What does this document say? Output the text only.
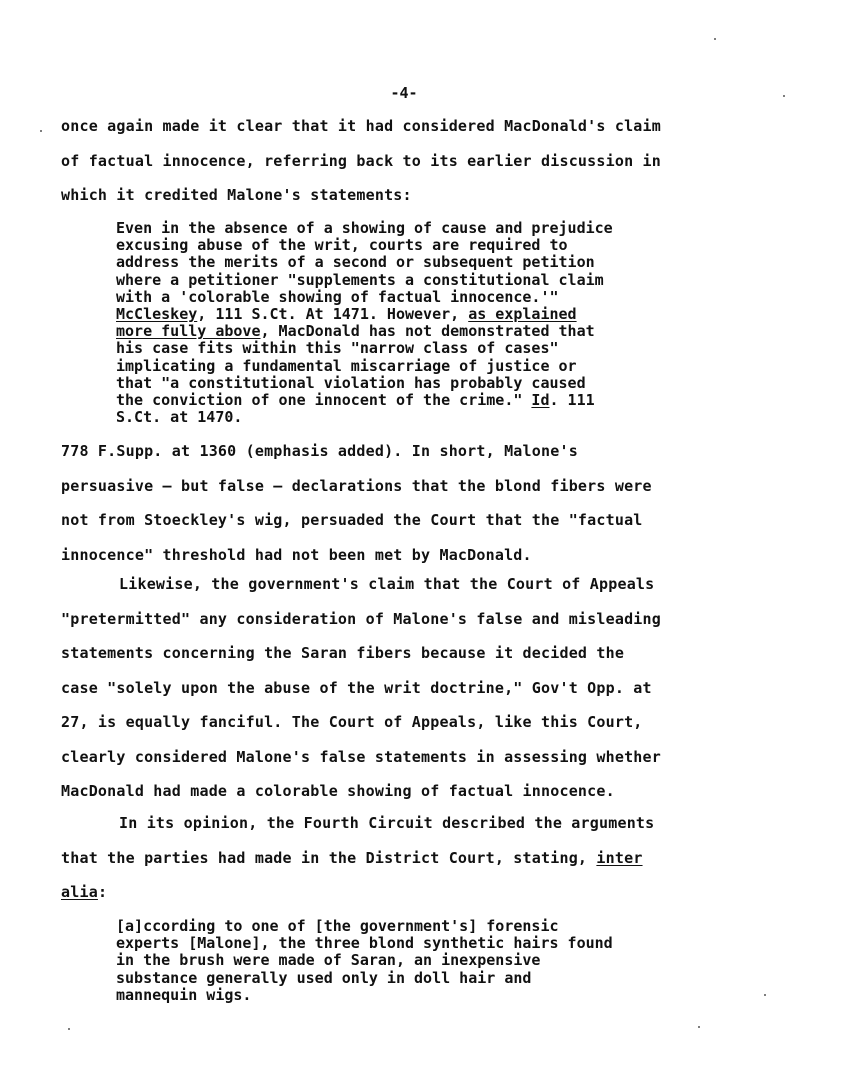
-4-
once again made it clear that it had considered MacDonald's claim
of factual innocence, referring back to its earlier discussion in
which it credited Malone's statements:
Even in the absence of a showing of cause and prejudice
excusing abuse of the writ, courts are required to
address the merits of a second or subsequent petition
where a petitioner "supplements a constitutional claim
with a 'colorable showing of factual innocence.'"
McCleskey, 111 S.Ct. At 1471. However, as explained
more fully above, MacDonald has not demonstrated that
his case fits within this "narrow class of cases"
implicating a fundamental miscarriage of justice or
that "a constitutional violation has probably caused
the conviction of one innocent of the crime." Id. 111
S.Ct. at 1470.
778 F.Supp. at 1360 (emphasis added). In short, Malone's
persuasive — but false — declarations that the blond fibers were
not from Stoeckley's wig, persuaded the Court that the "factual
innocence" threshold had not been met by MacDonald.
Likewise, the government's claim that the Court of Appeals
"pretermitted" any consideration of Malone's false and misleading
statements concerning the Saran fibers because it decided the
case "solely upon the abuse of the writ doctrine," Gov't Opp. at
27, is equally fanciful. The Court of Appeals, like this Court,
clearly considered Malone's false statements in assessing whether
MacDonald had made a colorable showing of factual innocence.
In its opinion, the Fourth Circuit described the arguments
that the parties had made in the District Court, stating, inter
alia:
[a]ccording to one of [the government's] forensic
experts [Malone], the three blond synthetic hairs found
in the brush were made of Saran, an inexpensive
substance generally used only in doll hair and
mannequin wigs.
